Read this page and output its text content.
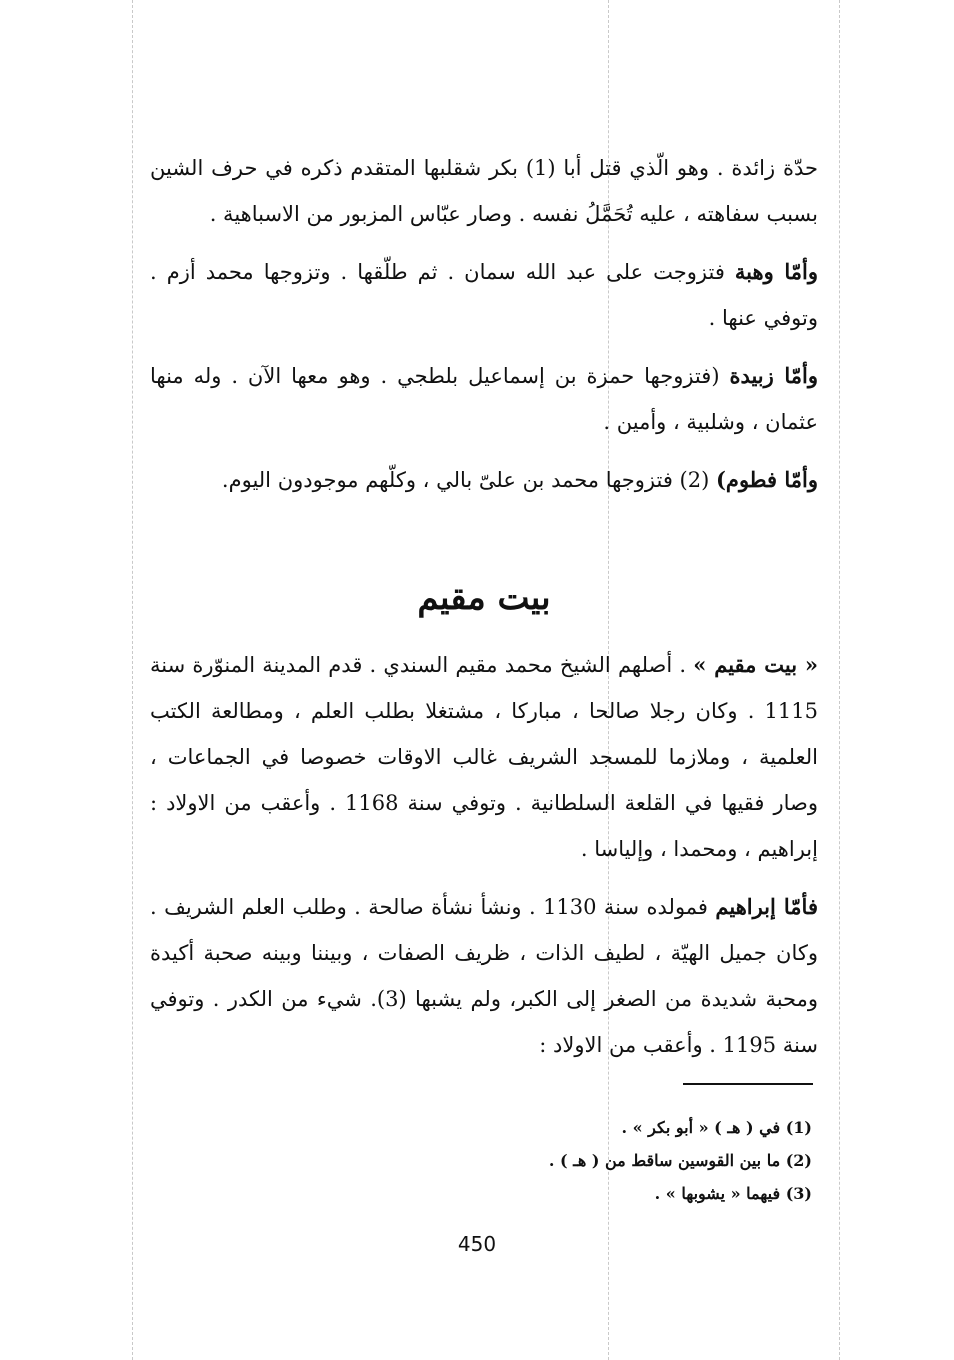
حدّة زائدة . وهو الّذي قتل أبا (1) بكر شقلبها المتقدم ذكره في حرف الشين بسبب سفاهته ، عليه تُحَمَّلُ نفسه . وصار عبّاس المزبور من الاسباهية .

وأمّا وهبة فتزوجت على عبد الله سمان . ثم طلّقها . وتزوجها محمد أزم . وتوفي عنها .

وأمّا زبيدة (فتزوجها حمزة بن إسماعيل بلطجي . وهو معها الآن . وله منها عثمان ، وشلبية ، وأمين .

وأمّا فطوم) (2) فتزوجها محمد بن علىّ بالي ، وكلّهم موجودون اليوم.

بيت مقيم

« بيت مقيم » . أصلهم الشيخ محمد مقيم السندي . قدم المدينة المنوّرة سنة 1115 . وكان رجلا صالحا ، مباركا ، مشتغلا بطلب العلم ، ومطالعة الكتب العلمية ، وملازما للمسجد الشريف غالب الاوقات خصوصا في الجماعات ، وصار فقيها في القلعة السلطانية . وتوفي سنة 1168 . وأعقب من الاولاد : إبراهيم ، ومحمدا ، وإلياسا .

فأمّا إبراهيم فمولده سنة 1130 . ونشأ نشأة صالحة . وطلب العلم الشريف . وكان جميل الهيّة ، لطيف الذات ، ظريف الصفات ، وبيننا وبينه صحبة أكيدة ومحبة شديدة من الصغر إلى الكبر، ولم يشبها (3). شيء من الكدر . وتوفي سنة 1195 . وأعقب من الاولاد :

(1) في ( هـ ) « أبو بكر » .
(2) ما بين القوسين ساقط من ( هـ ) .
(3) فيهما « يشوبها » .
450
